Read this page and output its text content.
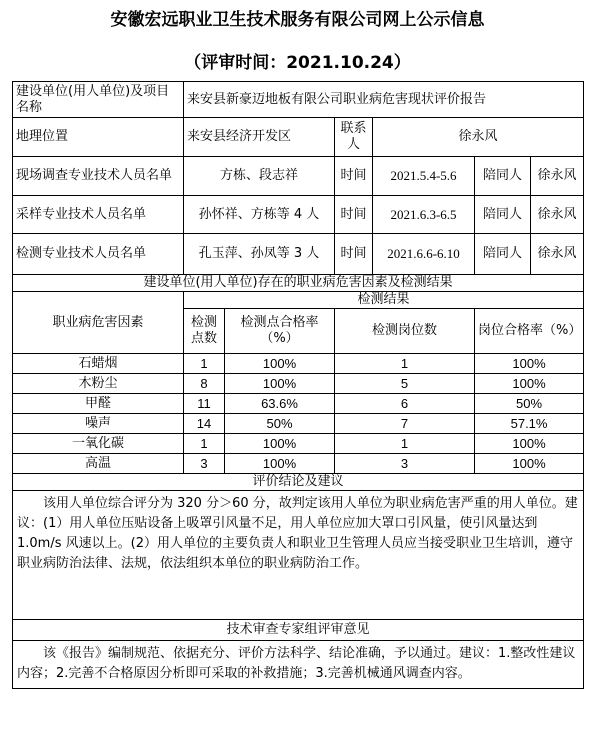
安徽宏远职业卫生技术服务有限公司网上公示信息
（评审时间：2021.10.24）
建设单位(用人单位)及项目名称	来安县新豪迈地板有限公司职业病危害现状评价报告					
地理位置	来安县经济开发区		联系人	徐永风		
现场调查专业技术人员名单	方栋、段志祥		时间	2021.5.4-5.6	陪同人	徐永风
采样专业技术人员名单	孙怀祥、方栋等 4 人		时间	2021.6.3-6.5	陪同人	徐永风
检测专业技术人员名单	孔玉萍、孙凤等 3 人		时间	2021.6.6-6.10	陪同人	徐永风
建设单位(用人单位)存在的职业病危害因素及检测结果						
职业病危害因素	检测结果					
	检测点数	检测点合格率（%）	检测岗位数		岗位合格率（%）	
石蜡烟	1	100%	1		100%	
木粉尘	8	100%	5		100%	
甲醛	11	63.6%	6		50%	
噪声	14	50%	7		57.1%	
一氧化碳	1	100%	1		100%	
高温	3	100%	3		100%	
评价结论及建议						
该用人单位综合评分为 320 分＞60 分，故判定该用人单位为职业病危害严重的用人单位。建议：(1）用人单位压贴设备上吸罩引风量不足，用人单位应加大罩口引风量，使引风量达到 1.0m/s 风速以上。(2）用人单位的主要负责人和职业卫生管理人员应当接受职业卫生培训，遵守职业病防治法律、法规，依法组织本单位的职业病防治工作。						
技术审查专家组评审意见						
该《报告》编制规范、依据充分、评价方法科学、结论准确，予以通过。建议：1.整改性建议内容；2.完善不合格原因分析即可采取的补救措施；3.完善机械通风调查内容。						
